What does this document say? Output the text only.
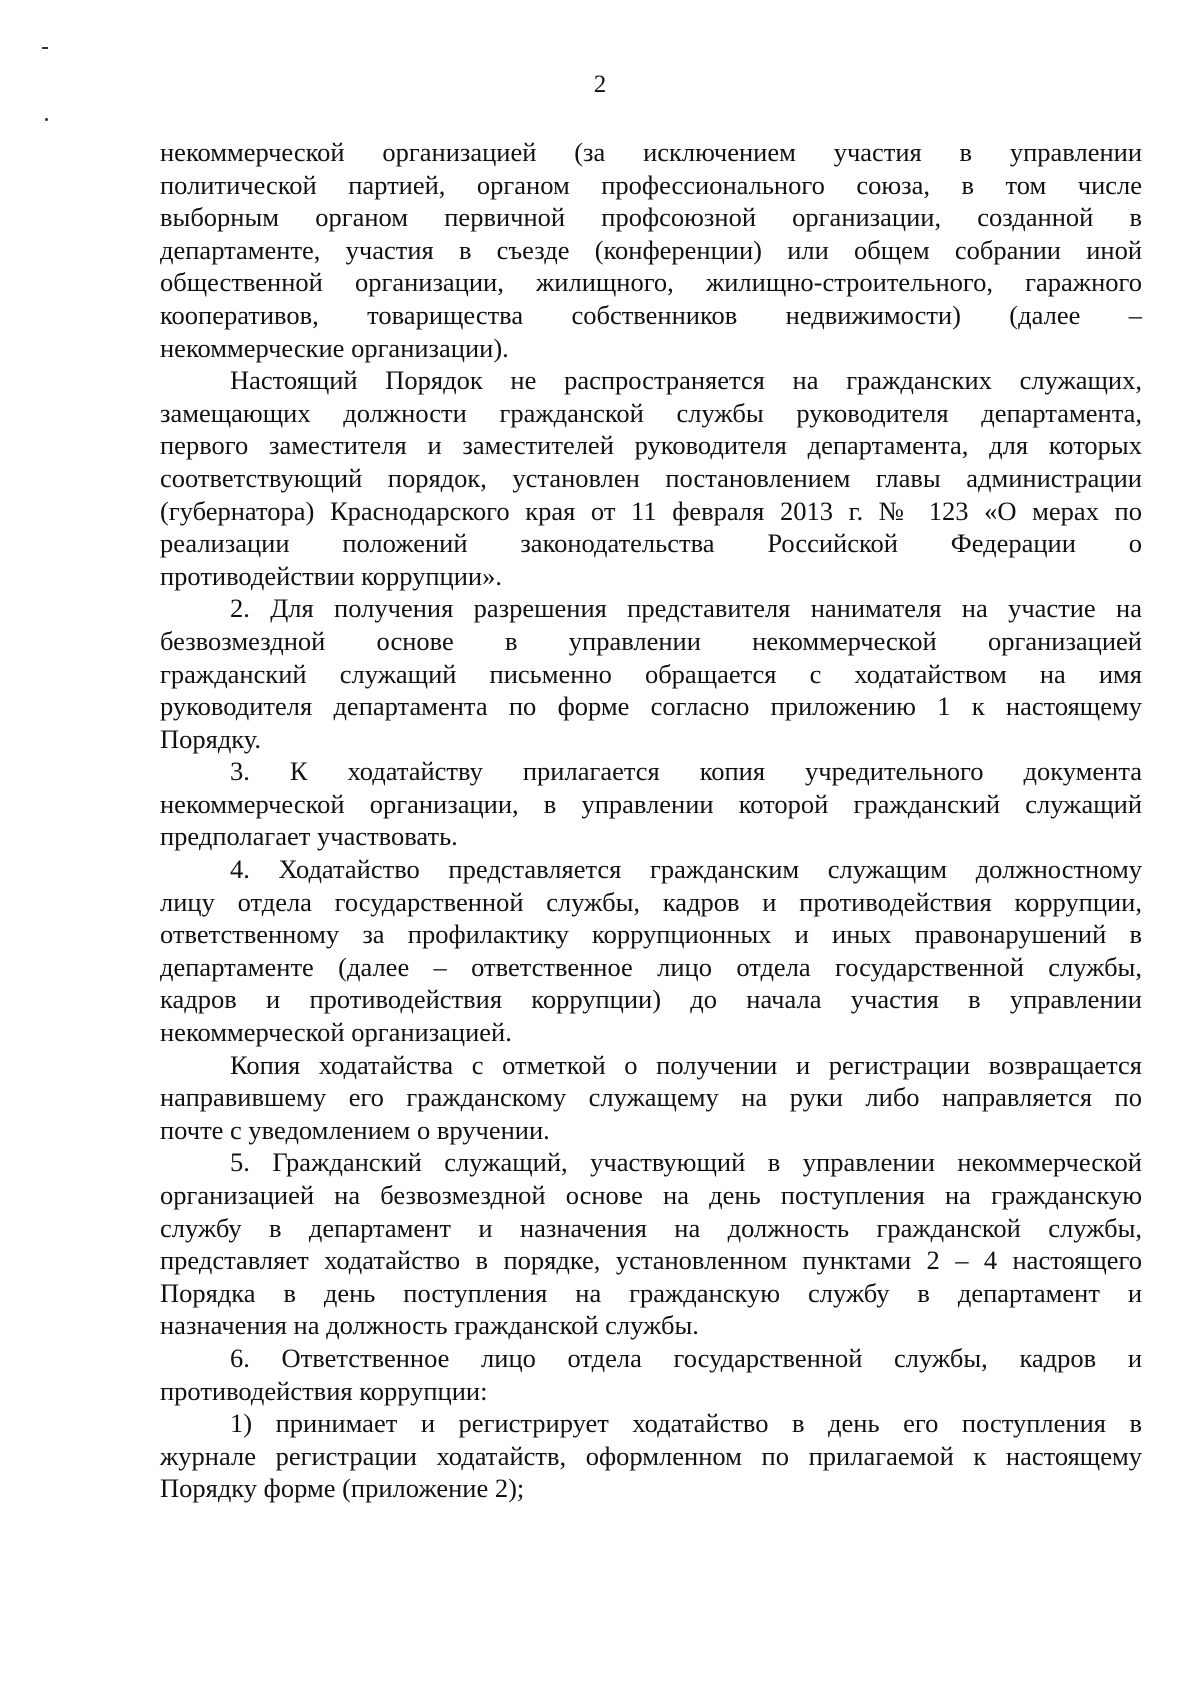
2
некоммерческой организацией (за исключением участия в управлении
политической партией, органом профессионального союза, в том числе
выборным органом первичной профсоюзной организации, созданной в
департаменте, участия в съезде (конференции) или общем собрании иной
общественной организации, жилищного, жилищно-строительного, гаражного
кооперативов, товарищества собственников недвижимости) (далее –
некоммерческие организации).
Настоящий Порядок не распространяется на гражданских служащих,
замещающих должности гражданской службы руководителя департамента,
первого заместителя и заместителей руководителя департамента, для которых
соответствующий порядок, установлен постановлением главы администрации
(губернатора) Краснодарского края от 11 февраля 2013 г. № 123 «О мерах по
реализации положений законодательства Российской Федерации о
противодействии коррупции».
2. Для получения разрешения представителя нанимателя на участие на
безвозмездной основе в управлении некоммерческой организацией
гражданский служащий письменно обращается с ходатайством на имя
руководителя департамента по форме согласно приложению 1 к настоящему
Порядку.
3. К ходатайству прилагается копия учредительного документа
некоммерческой организации, в управлении которой гражданский служащий
предполагает участвовать.
4. Ходатайство представляется гражданским служащим должностному
лицу отдела государственной службы, кадров и противодействия коррупции,
ответственному за профилактику коррупционных и иных правонарушений в
департаменте (далее – ответственное лицо отдела государственной службы,
кадров и противодействия коррупции) до начала участия в управлении
некоммерческой организацией.
Копия ходатайства с отметкой о получении и регистрации возвращается
направившему его гражданскому служащему на руки либо направляется по
почте с уведомлением о вручении.
5. Гражданский служащий, участвующий в управлении некоммерческой
организацией на безвозмездной основе на день поступления на гражданскую
службу в департамент и назначения на должность гражданской службы,
представляет ходатайство в порядке, установленном пунктами 2 – 4 настоящего
Порядка в день поступления на гражданскую службу в департамент и
назначения на должность гражданской службы.
6. Ответственное лицо отдела государственной службы, кадров и
противодействия коррупции:
1) принимает и регистрирует ходатайство в день его поступления в
журнале регистрации ходатайств, оформленном по прилагаемой к настоящему
Порядку форме (приложение 2);
